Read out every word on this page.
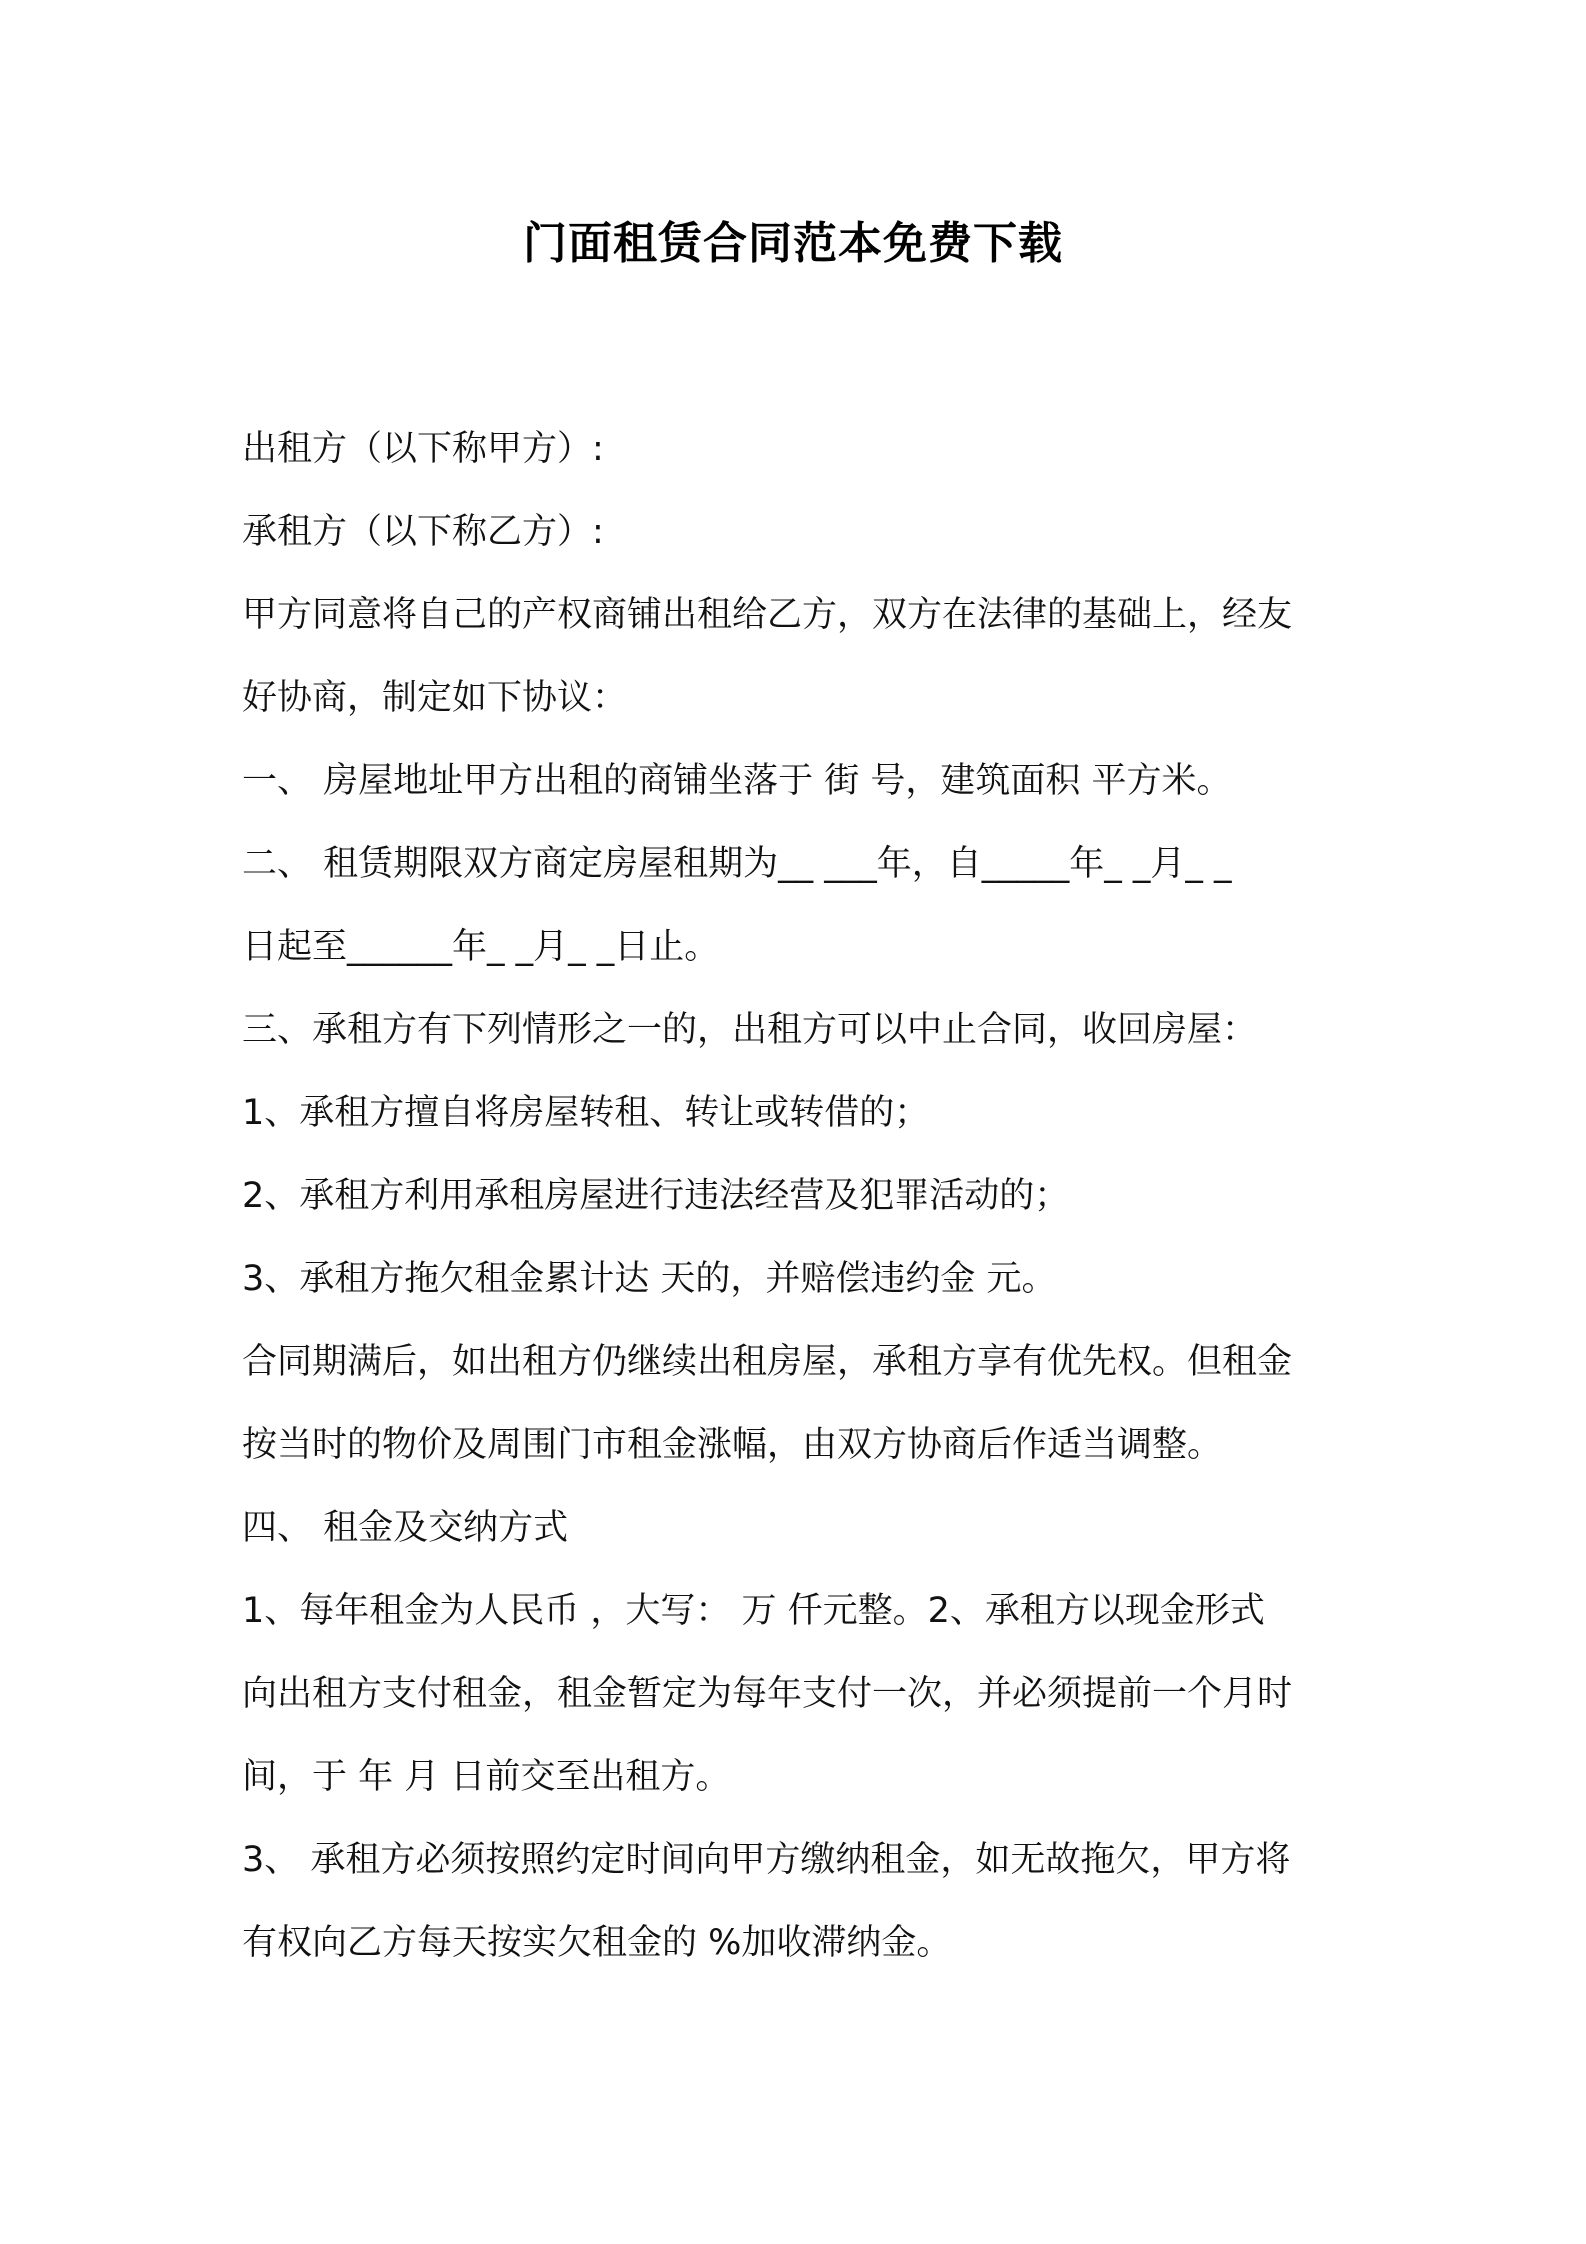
门面租赁合同范本免费下载
出租方（以下称甲方）:
承租方（以下称乙方）:
甲方同意将自己的产权商铺出租给乙方，双方在法律的基础上，经友
好协商，制定如下协议：
一、 房屋地址甲方出租的商铺坐落于 街 号，建筑面积 平方米。
二、 租赁期限双方商定房屋租期为__ ___年，自_____年_ _月_ _
日起至______年_ _月_ _日止。
三、承租方有下列情形之一的，出租方可以中止合同，收回房屋：
1、承租方擅自将房屋转租、转让或转借的；
2、承租方利用承租房屋进行违法经营及犯罪活动的；
3、承租方拖欠租金累计达 天的，并赔偿违约金 元。
合同期满后，如出租方仍继续出租房屋，承租方享有优先权。但租金
按当时的物价及周围门市租金涨幅，由双方协商后作适当调整。
四、 租金及交纳方式
1、每年租金为人民币 ，大写： 万 仟元整。2、承租方以现金形式
向出租方支付租金，租金暂定为每年支付一次，并必须提前一个月时
间，于 年 月 日前交至出租方。
3、 承租方必须按照约定时间向甲方缴纳租金，如无故拖欠，甲方将
有权向乙方每天按实欠租金的 %加收滞纳金。
